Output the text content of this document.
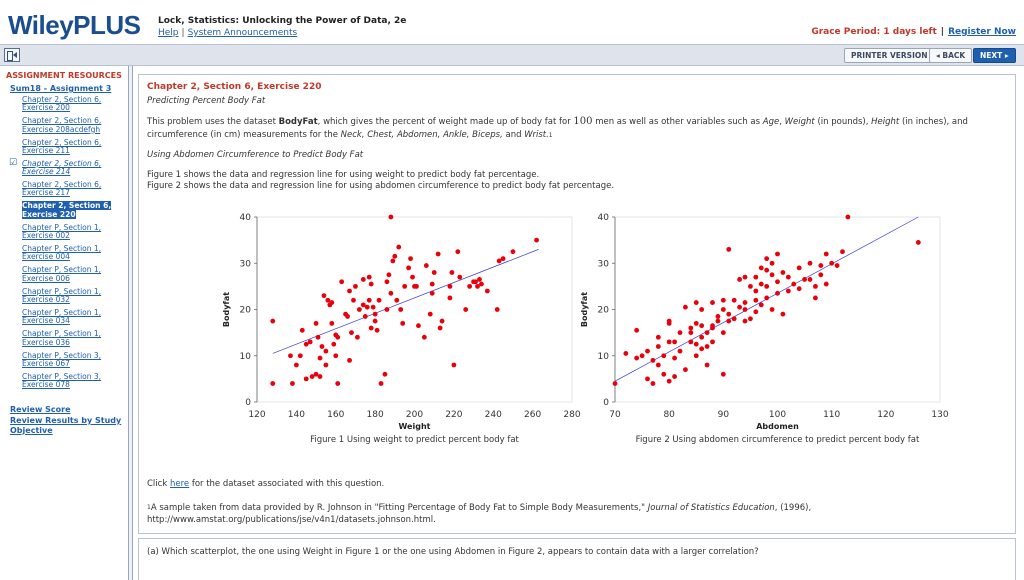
WileyPLUS Lock, Statistics: Unlocking the Power of Data, 2e
Help | System Announcements	Grace Period: 1 days left | Register Now
PRINTER VERSION	◂ BACK	NEXT ▸
ASSIGNMENT RESOURCES
Sum18 - Assignment 3
Chapter 2, Section 6, Exercise 200
Chapter 2, Section 6, Exercise 208acdefgh
Chapter 2, Section 6, Exercise 211
☑ Chapter 2, Section 6, Exercise 214
Chapter 2, Section 6, Exercise 217
Chapter 2, Section 6, Exercise 220
Chapter P, Section 1, Exercise 002
Chapter P, Section 1, Exercise 004
Chapter P, Section 1, Exercise 006
Chapter P, Section 1, Exercise 032
Chapter P, Section 1, Exercise 034
Chapter P, Section 1, Exercise 036
Chapter P, Section 3, Exercise 067
Chapter P, Section 3, Exercise 078
Review Score
Review Results by Study Objective
Chapter 2, Section 6, Exercise 220
Predicting Percent Body Fat
This problem uses the dataset BodyFat, which gives the percent of weight made up of body fat for 100 men as well as other variables such as Age, Weight (in pounds), Height (in inches), and circumference (in cm) measurements for the Neck, Chest, Abdomen, Ankle, Biceps, and Wrist.$^1$
Using Abdomen Circumference to Predict Body Fat
Figure 1 shows the data and regression line for using weight to predict body fat percentage.
Figure 2 shows the data and regression line for using abdomen circumference to predict body fat percentage.
0
10
20
30
40
120 140 160 180 200 220 240 260 280
Weight
Bodyfat
Figure 1 Using weight to predict percent body fat
0
10
20
30
40
70	80	90	100	110	120	130
Abdomen
Bodyfat
Figure 2 Using abdomen circumference to predict percent body fat
Click here for the dataset associated with this question.
$^1$A sample taken from data provided by R. Johnson in "Fitting Percentage of Body Fat to Simple Body Measurements," Journal of Statistics Education, (1996), http://www.amstat.org/publications/jse/v4n1/datasets.johnson.html.
(a) Which scatterplot, the one using Weight in Figure 1 or the one using Abdomen in Figure 2, appears to contain data with a larger correlation?
